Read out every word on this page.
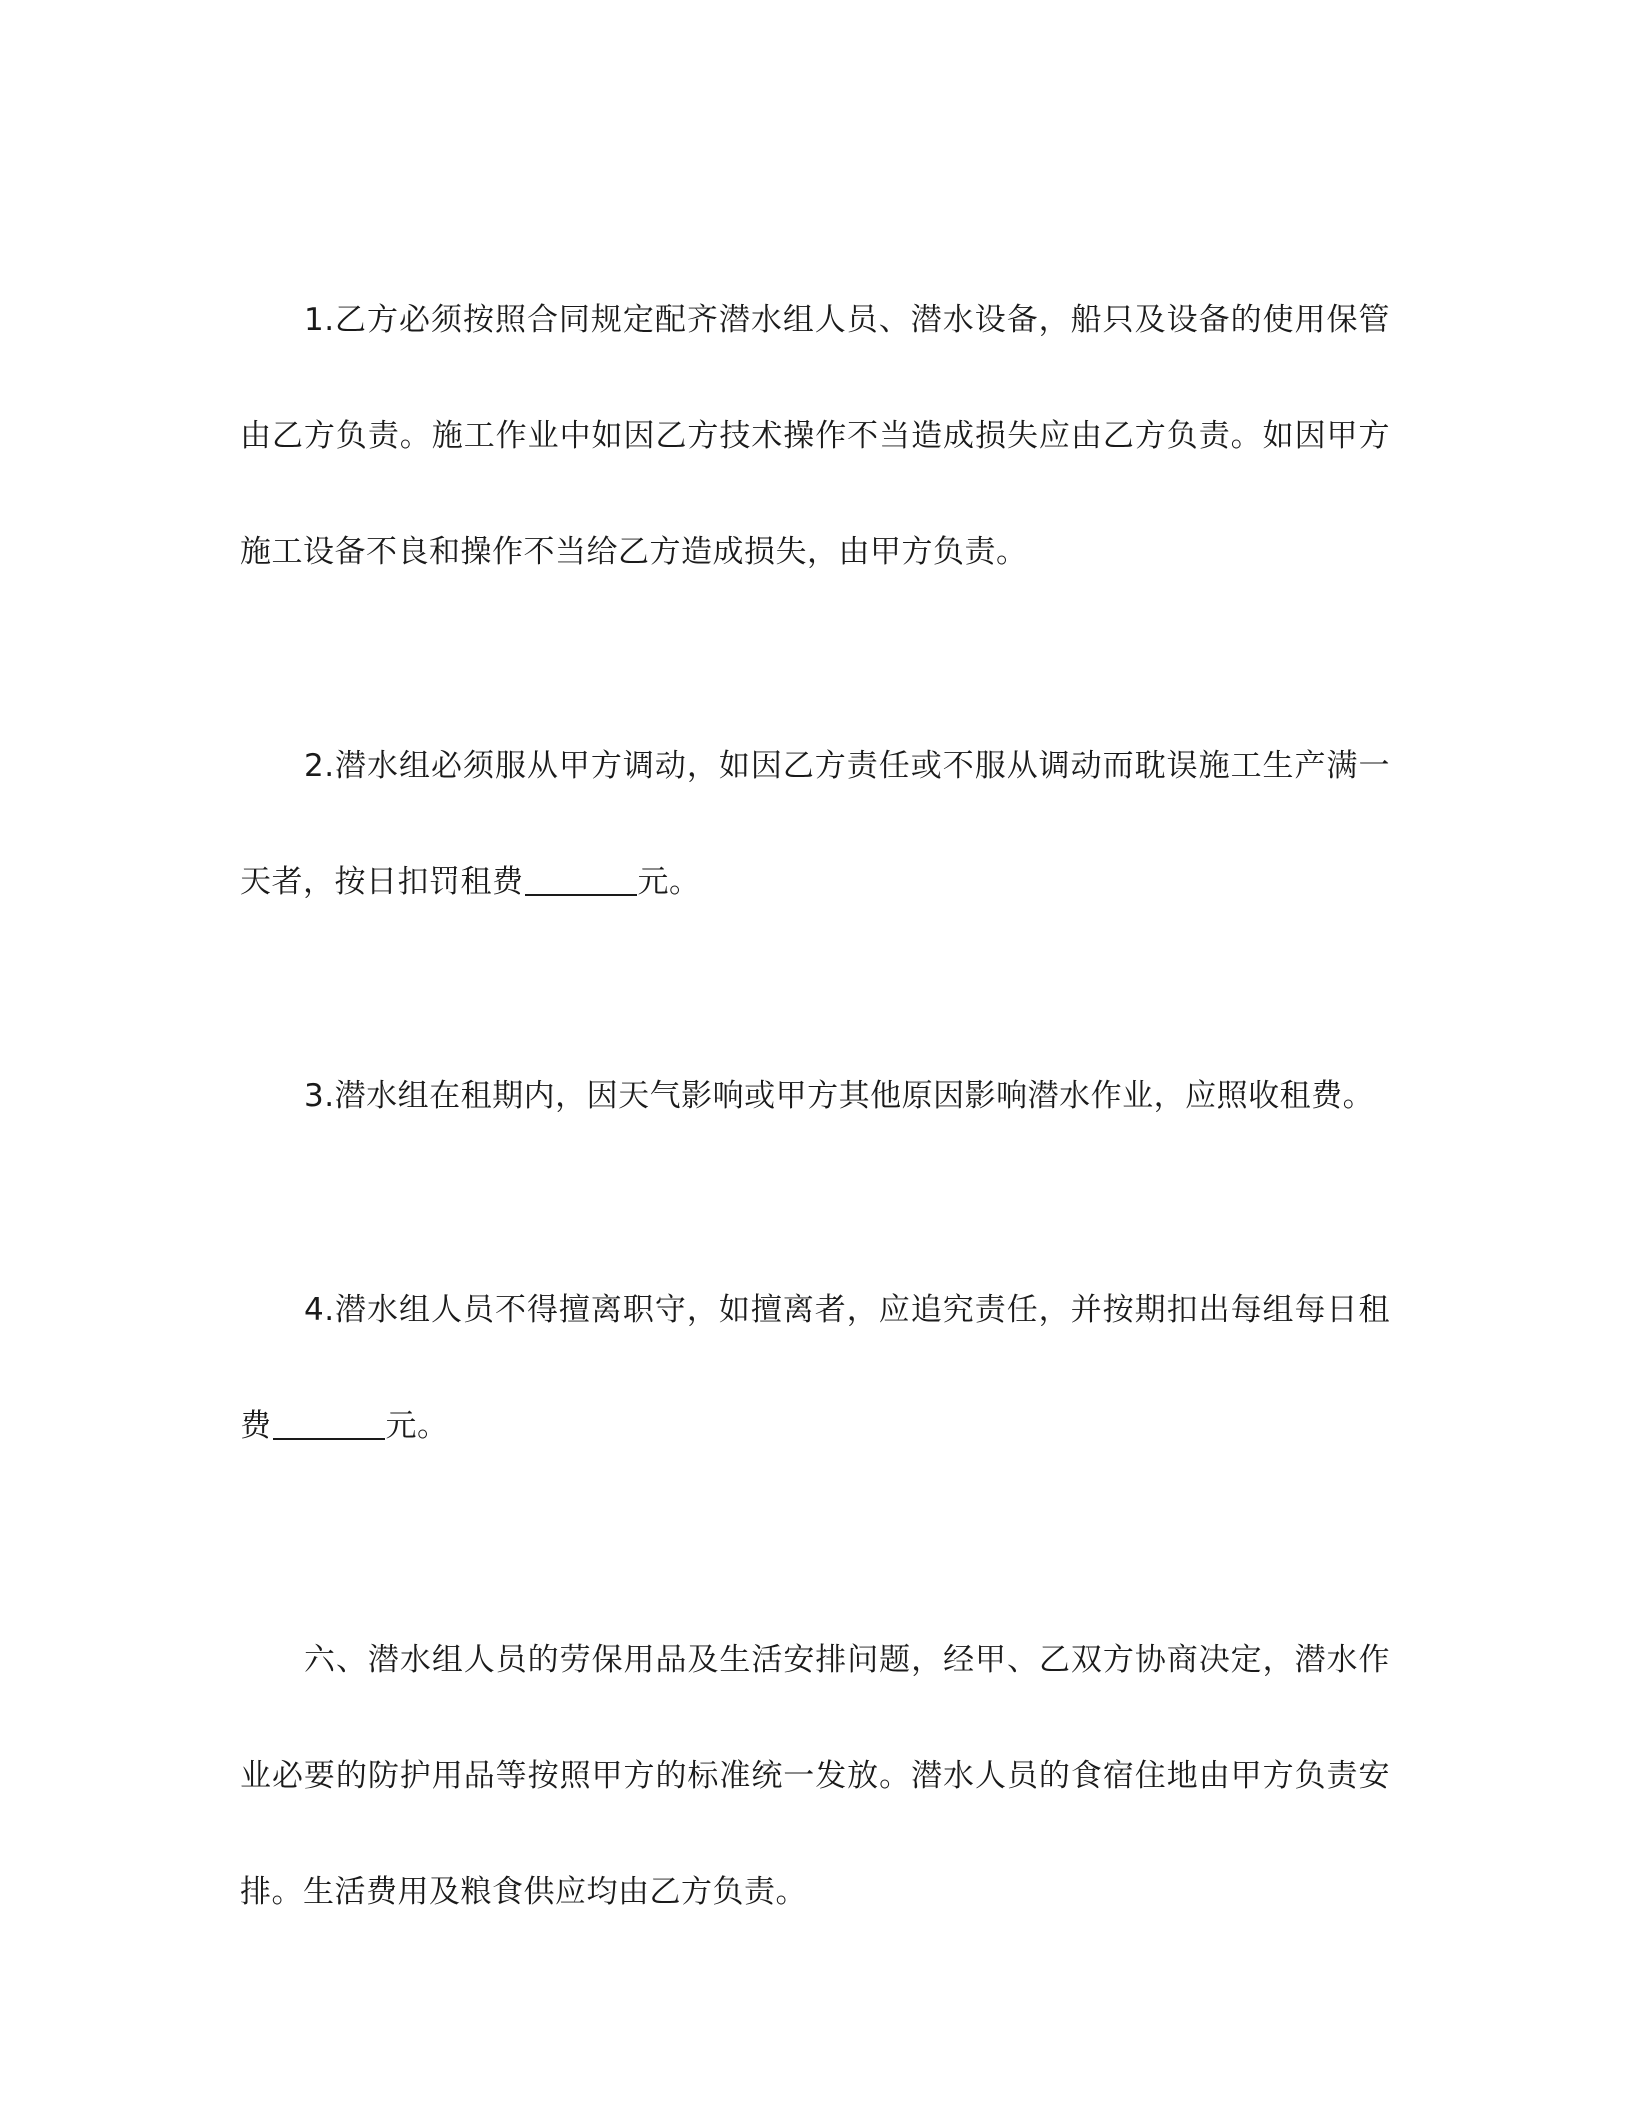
1.乙方必须按照合同规定配齐潜水组人员、潜水设备，船只及设备的使用保管由乙方负责。施工作业中如因乙方技术操作不当造成损失应由乙方负责。如因甲方施工设备不良和操作不当给乙方造成损失，由甲方负责。

2.潜水组必须服从甲方调动，如因乙方责任或不服从调动而耽误施工生产满一天者，按日扣罚租费	元。

3.潜水组在租期内，因天气影响或甲方其他原因影响潜水作业，应照收租费。

4.潜水组人员不得擅离职守，如擅离者，应追究责任，并按期扣出每组每日租费	元。

六、潜水组人员的劳保用品及生活安排问题，经甲、乙双方协商决定，潜水作业必要的防护用品等按照甲方的标准统一发放。潜水人员的食宿住地由甲方负责安排。生活费用及粮食供应均由乙方负责。
